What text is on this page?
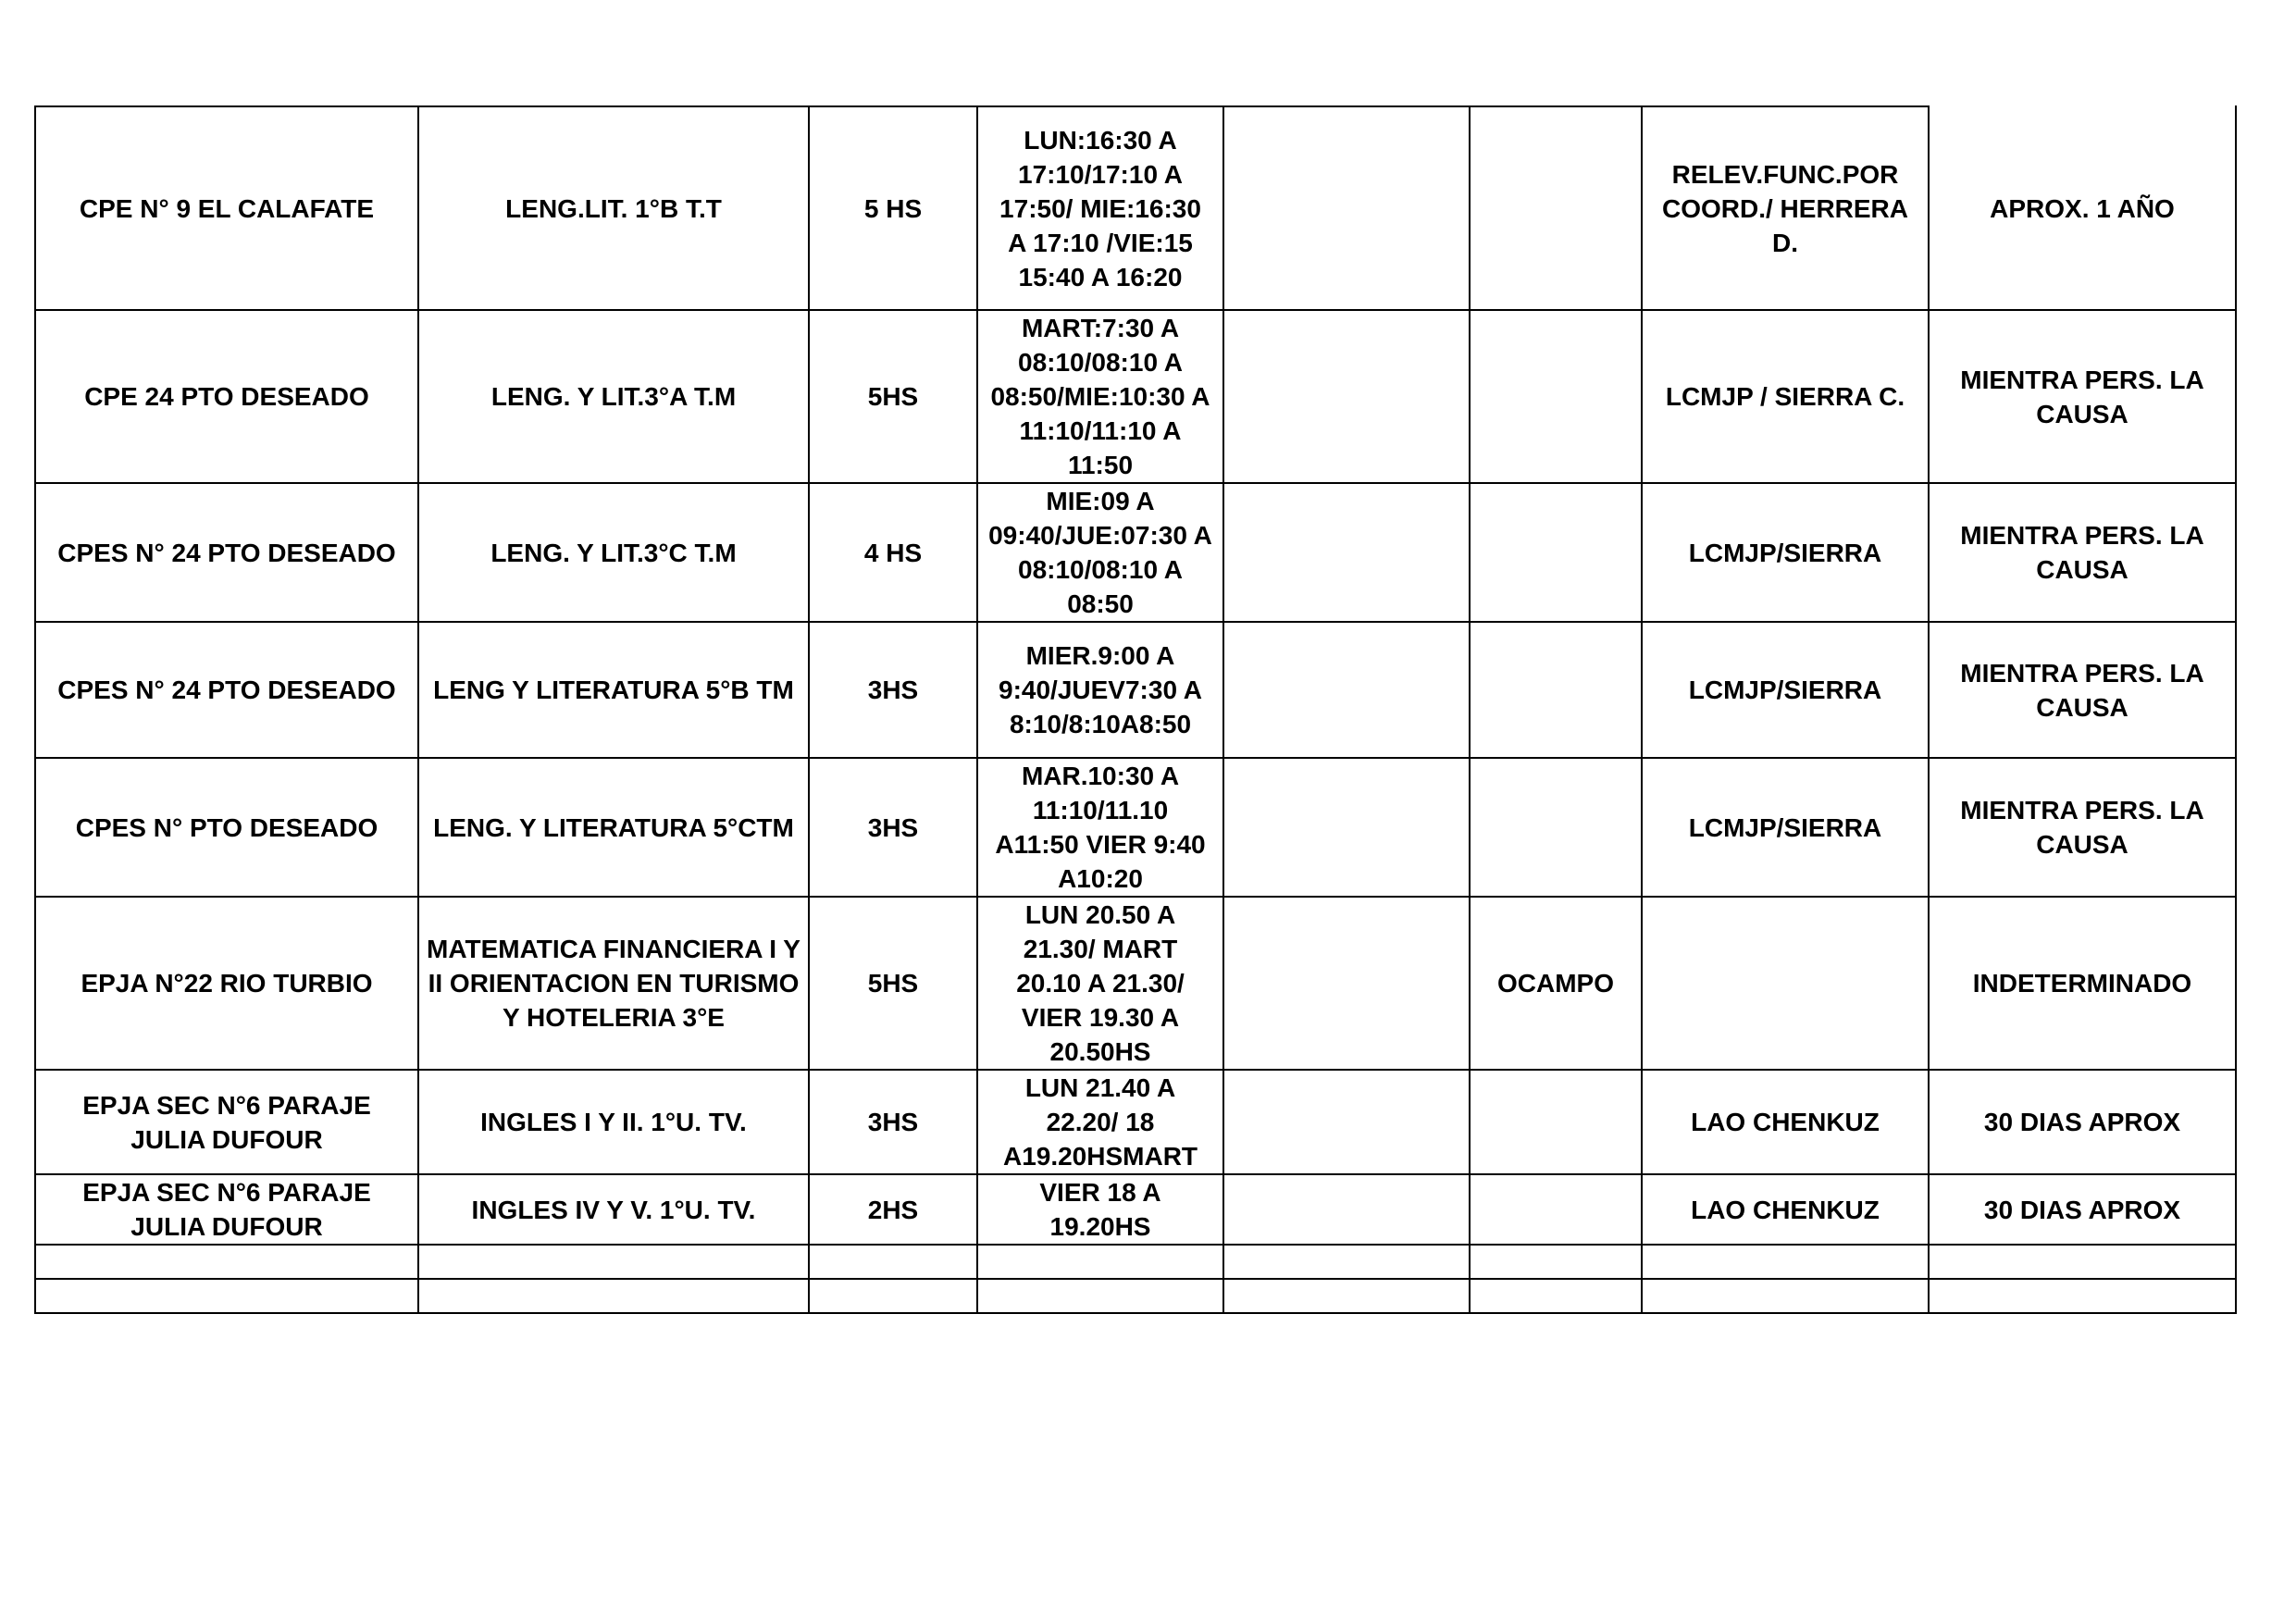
CPE N° 9 EL CALAFATE	LENG.LIT. 1°B T.T	5 HS	LUN:16:30 A
17:10/17:10 A
17:50/ MIE:16:30
A 17:10 /VIE:15
15:40 A 16:20			RELEV.FUNC.POR COORD./ HERRERA D.	APROX. 1 AÑO
CPE 24 PTO DESEADO	LENG. Y LIT.3°A T.M	5HS	MART:7:30 A
08:10/08:10 A
08:50/MIE:10:30 A
11:10/11:10 A
11:50			LCMJP / SIERRA C.	MIENTRA PERS. LA CAUSA
CPES N° 24 PTO DESEADO	LENG. Y LIT.3°C T.M	4 HS	MIE:09 A
09:40/JUE:07:30 A
08:10/08:10 A
08:50			LCMJP/SIERRA	MIENTRA PERS. LA CAUSA
CPES N° 24 PTO DESEADO	LENG Y LITERATURA 5°B TM	3HS	MIER.9:00 A
9:40/JUEV7:30 A
8:10/8:10A8:50			LCMJP/SIERRA	MIENTRA PERS. LA CAUSA
CPES N° PTO DESEADO	LENG. Y LITERATURA 5°CTM	3HS	MAR.10:30 A
11:10/11.10
A11:50 VIER 9:40
A10:20			LCMJP/SIERRA	MIENTRA PERS. LA CAUSA
EPJA N°22 RIO TURBIO	MATEMATICA FINANCIERA I Y II ORIENTACION EN TURISMO Y HOTELERIA 3°E	5HS	LUN 20.50 A
21.30/ MART
20.10 A 21.30/
VIER 19.30 A
20.50HS		OCAMPO		INDETERMINADO
EPJA SEC N°6 PARAJE JULIA DUFOUR	INGLES I Y II. 1°U. TV.	3HS	LUN 21.40 A
22.20/ 18
A19.20HSMART			LAO CHENKUZ	30 DIAS APROX
EPJA SEC N°6 PARAJE JULIA DUFOUR	INGLES IV Y V. 1°U. TV.	2HS	VIER 18 A
19.20HS			LAO CHENKUZ	30 DIAS APROX
